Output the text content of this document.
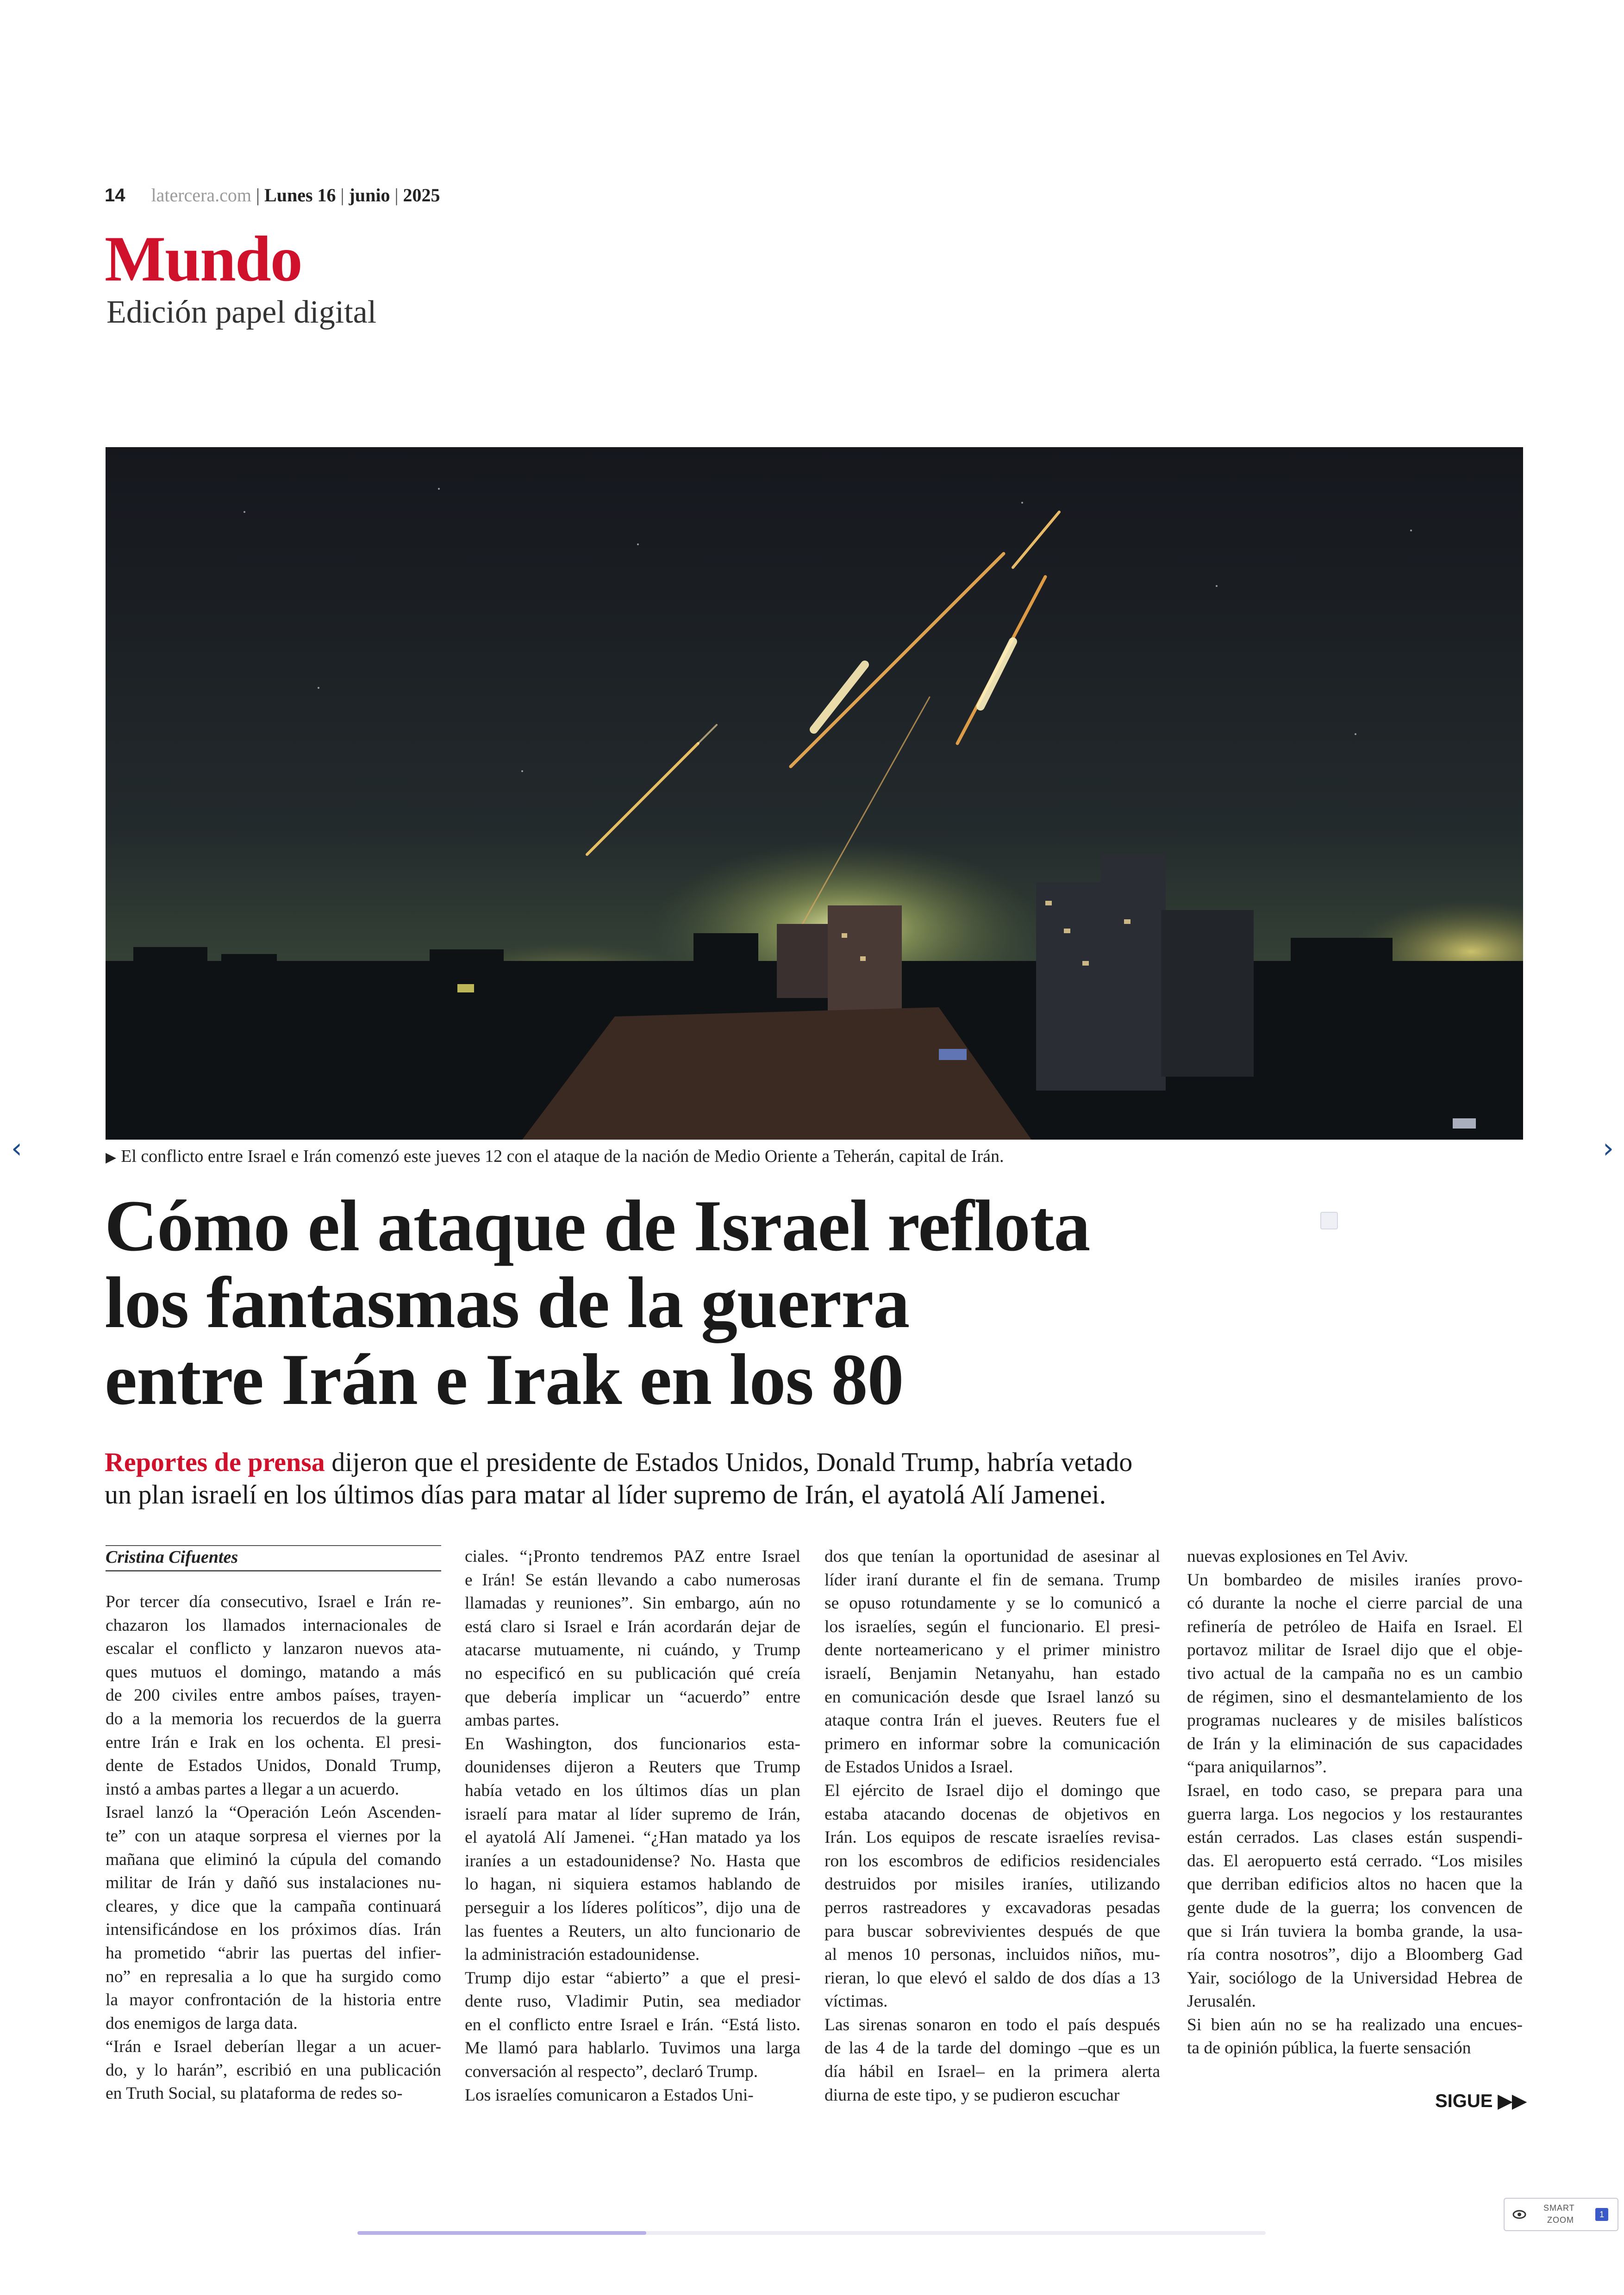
14 latercera.com | Lunes 16 | junio | 2025
Mundo
Edición papel digital
▶ El conflicto entre Israel e Irán comenzó este jueves 12 con el ataque de la nación de Medio Oriente a Teherán, capital de Irán.
‹	›
Cómo el ataque de Israel reflota
los fantasmas de la guerra
entre Irán e Irak en los 80
Reportes de prensa dijeron que el presidente de Estados Unidos, Donald Trump, habría vetado
un plan israelí en los últimos días para matar al líder supremo de Irán, el ayatolá Alí Jamenei.
Cristina Cifuentes
Por tercer día consecutivo, Israel e Irán re-
chazaron los llamados internacionales de
escalar el conflicto y lanzaron nuevos ata-
ques mutuos el domingo, matando a más
de 200 civiles entre ambos países, trayen-
do a la memoria los recuerdos de la guerra
entre Irán e Irak en los ochenta. El presi-
dente de Estados Unidos, Donald Trump,
instó a ambas partes a llegar a un acuerdo.
Israel lanzó la “Operación León Ascenden-
te” con un ataque sorpresa el viernes por la
mañana que eliminó la cúpula del comando
militar de Irán y dañó sus instalaciones nu-
cleares, y dice que la campaña continuará
intensificándose en los próximos días. Irán
ha prometido “abrir las puertas del infier-
no” en represalia a lo que ha surgido como
la mayor confrontación de la historia entre
dos enemigos de larga data.
“Irán e Israel deberían llegar a un acuer-
do, y lo harán”, escribió en una publicación
en Truth Social, su plataforma de redes so-
ciales. “¡Pronto tendremos PAZ entre Israel
e Irán! Se están llevando a cabo numerosas
llamadas y reuniones”. Sin embargo, aún no
está claro si Israel e Irán acordarán dejar de
atacarse mutuamente, ni cuándo, y Trump
no especificó en su publicación qué creía
que debería implicar un “acuerdo” entre
ambas partes.
En Washington, dos funcionarios esta-
dounidenses dijeron a Reuters que Trump
había vetado en los últimos días un plan
israelí para matar al líder supremo de Irán,
el ayatolá Alí Jamenei. “¿Han matado ya los
iraníes a un estadounidense? No. Hasta que
lo hagan, ni siquiera estamos hablando de
perseguir a los líderes políticos”, dijo una de
las fuentes a Reuters, un alto funcionario de
la administración estadounidense.
Trump dijo estar “abierto” a que el presi-
dente ruso, Vladimir Putin, sea mediador
en el conflicto entre Israel e Irán. “Está listo.
Me llamó para hablarlo. Tuvimos una larga
conversación al respecto”, declaró Trump.
Los israelíes comunicaron a Estados Uni-
dos que tenían la oportunidad de asesinar al
líder iraní durante el fin de semana. Trump
se opuso rotundamente y se lo comunicó a
los israelíes, según el funcionario. El presi-
dente norteamericano y el primer ministro
israelí, Benjamin Netanyahu, han estado
en comunicación desde que Israel lanzó su
ataque contra Irán el jueves. Reuters fue el
primero en informar sobre la comunicación
de Estados Unidos a Israel.
El ejército de Israel dijo el domingo que
estaba atacando docenas de objetivos en
Irán. Los equipos de rescate israelíes revisa-
ron los escombros de edificios residenciales
destruidos por misiles iraníes, utilizando
perros rastreadores y excavadoras pesadas
para buscar sobrevivientes después de que
al menos 10 personas, incluidos niños, mu-
rieran, lo que elevó el saldo de dos días a 13
víctimas.
Las sirenas sonaron en todo el país después
de las 4 de la tarde del domingo –que es un
día hábil en Israel– en la primera alerta
diurna de este tipo, y se pudieron escuchar
nuevas explosiones en Tel Aviv.
Un bombardeo de misiles iraníes provo-
có durante la noche el cierre parcial de una
refinería de petróleo de Haifa en Israel. El
portavoz militar de Israel dijo que el obje-
tivo actual de la campaña no es un cambio
de régimen, sino el desmantelamiento de los
programas nucleares y de misiles balísticos
de Irán y la eliminación de sus capacidades
“para aniquilarnos”.
Israel, en todo caso, se prepara para una
guerra larga. Los negocios y los restaurantes
están cerrados. Las clases están suspendi-
das. El aeropuerto está cerrado. “Los misiles
que derriban edificios altos no hacen que la
gente dude de la guerra; los convencen de
que si Irán tuviera la bomba grande, la usa-
ría contra nosotros”, dijo a Bloomberg Gad
Yair, sociólogo de la Universidad Hebrea de
Jerusalén.
Si bien aún no se ha realizado una encues-
ta de opinión pública, la fuerte sensación
SIGUE ▶▶
SMART
ZOOM
1
